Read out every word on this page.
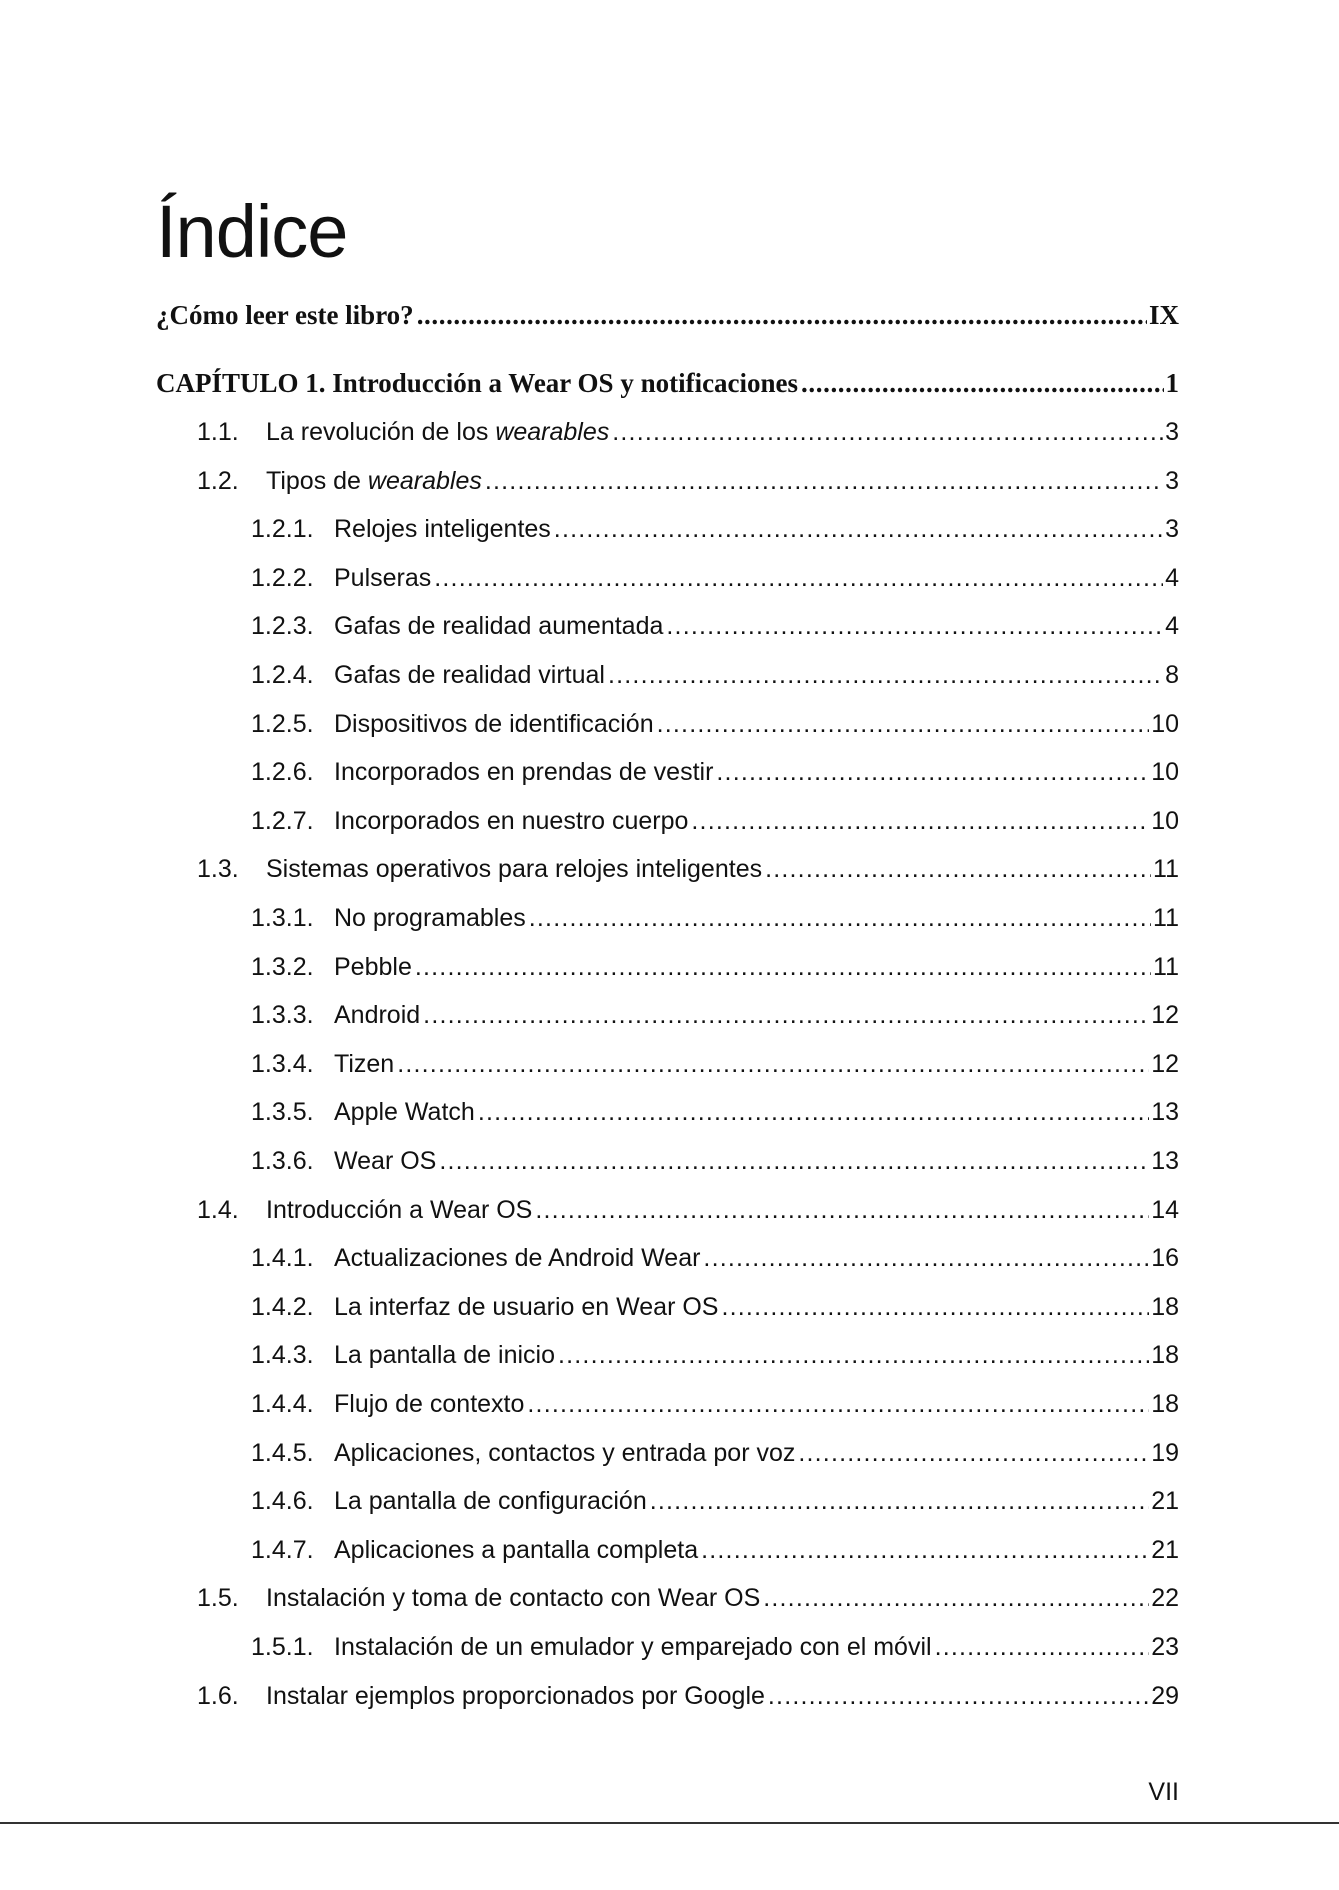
Índice
¿Cómo leer este libro? .....	IX
CAPÍTULO 1. Introducción a Wear OS y notificaciones .....	1
1.1.	La revolución de los wearables .....	3
1.2.	Tipos de wearables .....	3
1.2.1. Relojes inteligentes .....	3
1.2.2. Pulseras .....	4
1.2.3. Gafas de realidad aumentada .....	4
1.2.4. Gafas de realidad virtual .....	8
1.2.5. Dispositivos de identificación .....	10
1.2.6. Incorporados en prendas de vestir .....	10
1.2.7. Incorporados en nuestro cuerpo .....	10
1.3.	Sistemas operativos para relojes inteligentes .....	11
1.3.1. No programables .....	11
1.3.2. Pebble .....	11
1.3.3. Android .....	12
1.3.4. Tizen .....	12
1.3.5. Apple Watch .....	13
1.3.6. Wear OS .....	13
1.4.	Introducción a Wear OS .....	14
1.4.1. Actualizaciones de Android Wear .....	16
1.4.2. La interfaz de usuario en Wear OS .....	18
1.4.3. La pantalla de inicio .....	18
1.4.4. Flujo de contexto .....	18
1.4.5. Aplicaciones, contactos y entrada por voz .....	19
1.4.6. La pantalla de configuración .....	21
1.4.7. Aplicaciones a pantalla completa .....	21
1.5.	Instalación y toma de contacto con Wear OS .....	22
1.5.1. Instalación de un emulador y emparejado con el móvil .....	23
1.6.	Instalar ejemplos proporcionados por Google .....	29
VII
